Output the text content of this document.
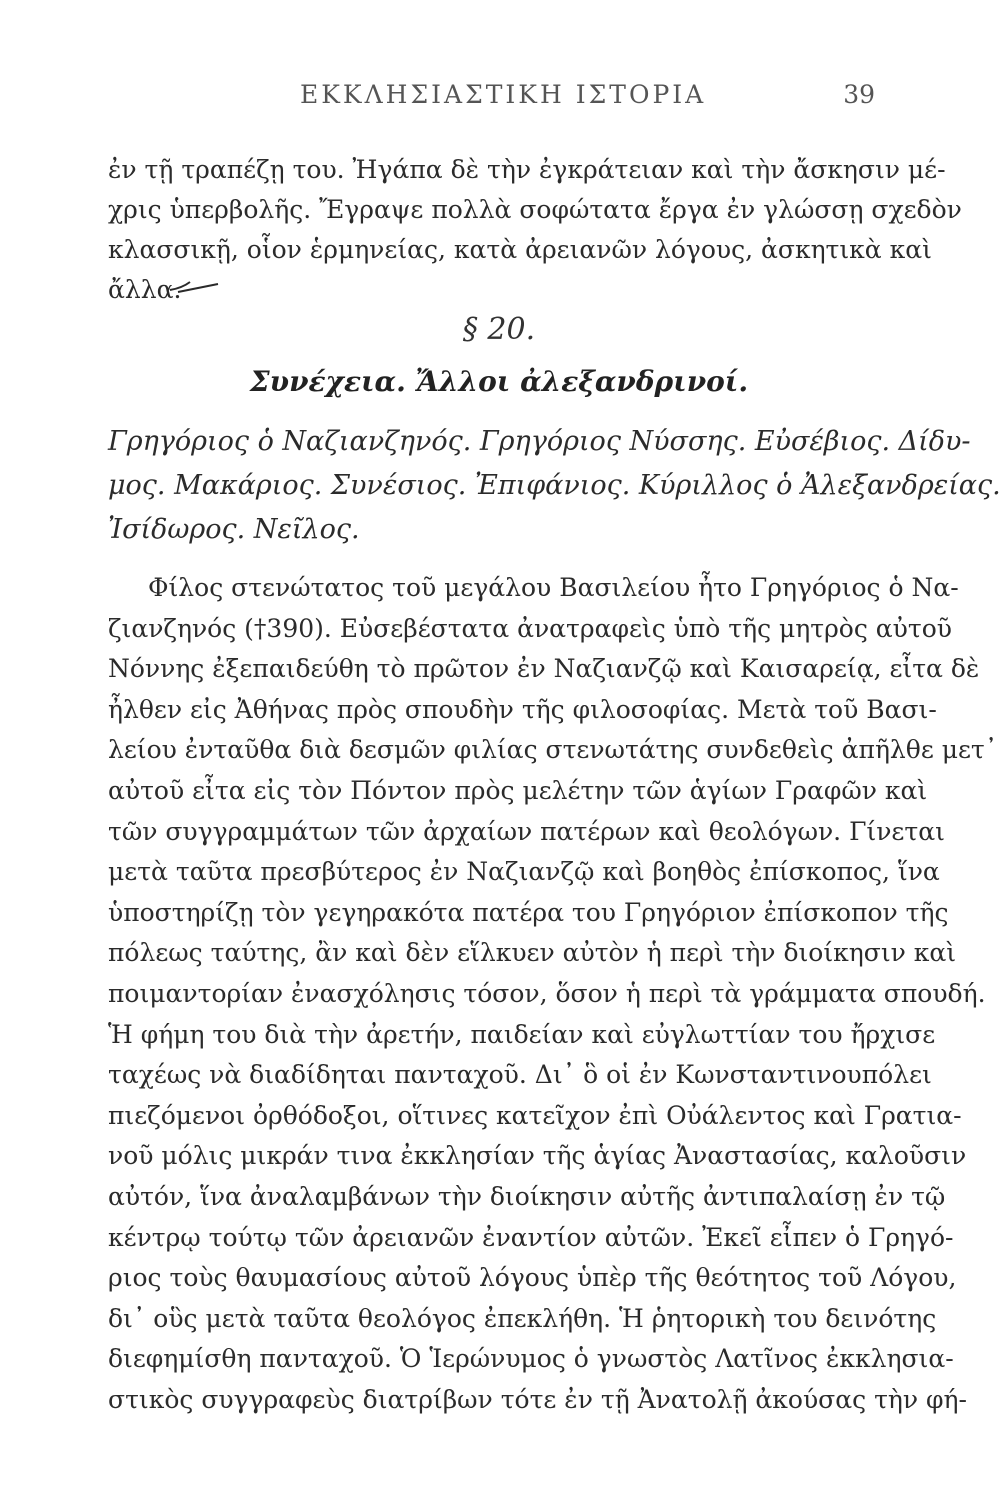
ΕΚΚΛΗΣΙΑΣΤΙΚΗ ΙΣΤΟΡΙΑ	39
ἐν τῇ τραπέζῃ του. Ἠγάπα δὲ τὴν ἐγκράτειαν καὶ τὴν ἄσκησιν μέ-
χρις ὑπερβολῆς. Ἔγραψε πολλὰ σοφώτατα ἔργα ἐν γλώσσῃ σχεδὸν
κλασσικῇ, οἷον ἑρμηνείας, κατὰ ἀρειανῶν λόγους, ἀσκητικὰ καὶ
ἄλλα.
§ 20.
Συνέχεια. Ἄλλοι ἀλεξανδρινοί.
Γρηγόριος ὁ Ναζιανζηνός. Γρηγόριος Νύσσης. Εὐσέβιος. Δίδυ-
μος. Μακάριος. Συνέσιος. Ἐπιφάνιος. Κύριλλος ὁ Ἀλεξανδρείας.
Ἰσίδωρος. Νεῖλος.
Φίλος στενώτατος τοῦ μεγάλου Βασιλείου ἦτο Γρηγόριος ὁ Να-
ζιανζηνός (†390). Εὐσεβέστατα ἀνατραφεὶς ὑπὸ τῆς μητρὸς αὐτοῦ
Νόννης ἐξεπαιδεύθη τὸ πρῶτον ἐν Ναζιανζῷ καὶ Καισαρείᾳ, εἶτα δὲ
ἦλθεν εἰς Ἀθήνας πρὸς σπουδὴν τῆς φιλοσοφίας. Μετὰ τοῦ Βασι-
λείου ἐνταῦθα διὰ δεσμῶν φιλίας στενωτάτης συνδεθεὶς ἀπῆλθε μετ᾽
αὐτοῦ εἶτα εἰς τὸν Πόντον πρὸς μελέτην τῶν ἁγίων Γραφῶν καὶ
τῶν συγγραμμάτων τῶν ἀρχαίων πατέρων καὶ θεολόγων. Γίνεται
μετὰ ταῦτα πρεσβύτερος ἐν Ναζιανζῷ καὶ βοηθὸς ἐπίσκοπος, ἵνα
ὑποστηρίζῃ τὸν γεγηρακότα πατέρα του Γρηγόριον ἐπίσκοπον τῆς
πόλεως ταύτης, ἂν καὶ δὲν εἵλκυεν αὐτὸν ἡ περὶ τὴν διοίκησιν καὶ
ποιμαντορίαν ἐνασχόλησις τόσον, ὅσον ἡ περὶ τὰ γράμματα σπουδή.
Ἡ φήμη του διὰ τὴν ἀρετήν, παιδείαν καὶ εὐγλωττίαν του ἤρχισε
ταχέως νὰ διαδίδηται πανταχοῦ. Δι᾽ ὃ οἱ ἐν Κωνσταντινουπόλει
πιεζόμενοι ὀρθόδοξοι, οἵτινες κατεῖχον ἐπὶ Οὐάλεντος καὶ Γρατια-
νοῦ μόλις μικράν τινα ἐκκλησίαν τῆς ἁγίας Ἀναστασίας, καλοῦσιν
αὐτόν, ἵνα ἀναλαμβάνων τὴν διοίκησιν αὐτῆς ἀντιπαλαίσῃ ἐν τῷ
κέντρῳ τούτῳ τῶν ἀρειανῶν ἐναντίον αὐτῶν. Ἐκεῖ εἶπεν ὁ Γρηγό-
ριος τοὺς θαυμασίους αὐτοῦ λόγους ὑπὲρ τῆς θεότητος τοῦ Λόγου,
δι᾽ οὓς μετὰ ταῦτα θεολόγος ἐπεκλήθη. Ἡ ῥητορικὴ του δεινότης
διεφημίσθη πανταχοῦ. Ὁ Ἱερώνυμος ὁ γνωστὸς Λατῖνος ἐκκλησια-
στικὸς συγγραφεὺς διατρίβων τότε ἐν τῇ Ἀνατολῇ ἀκούσας τὴν φή-
